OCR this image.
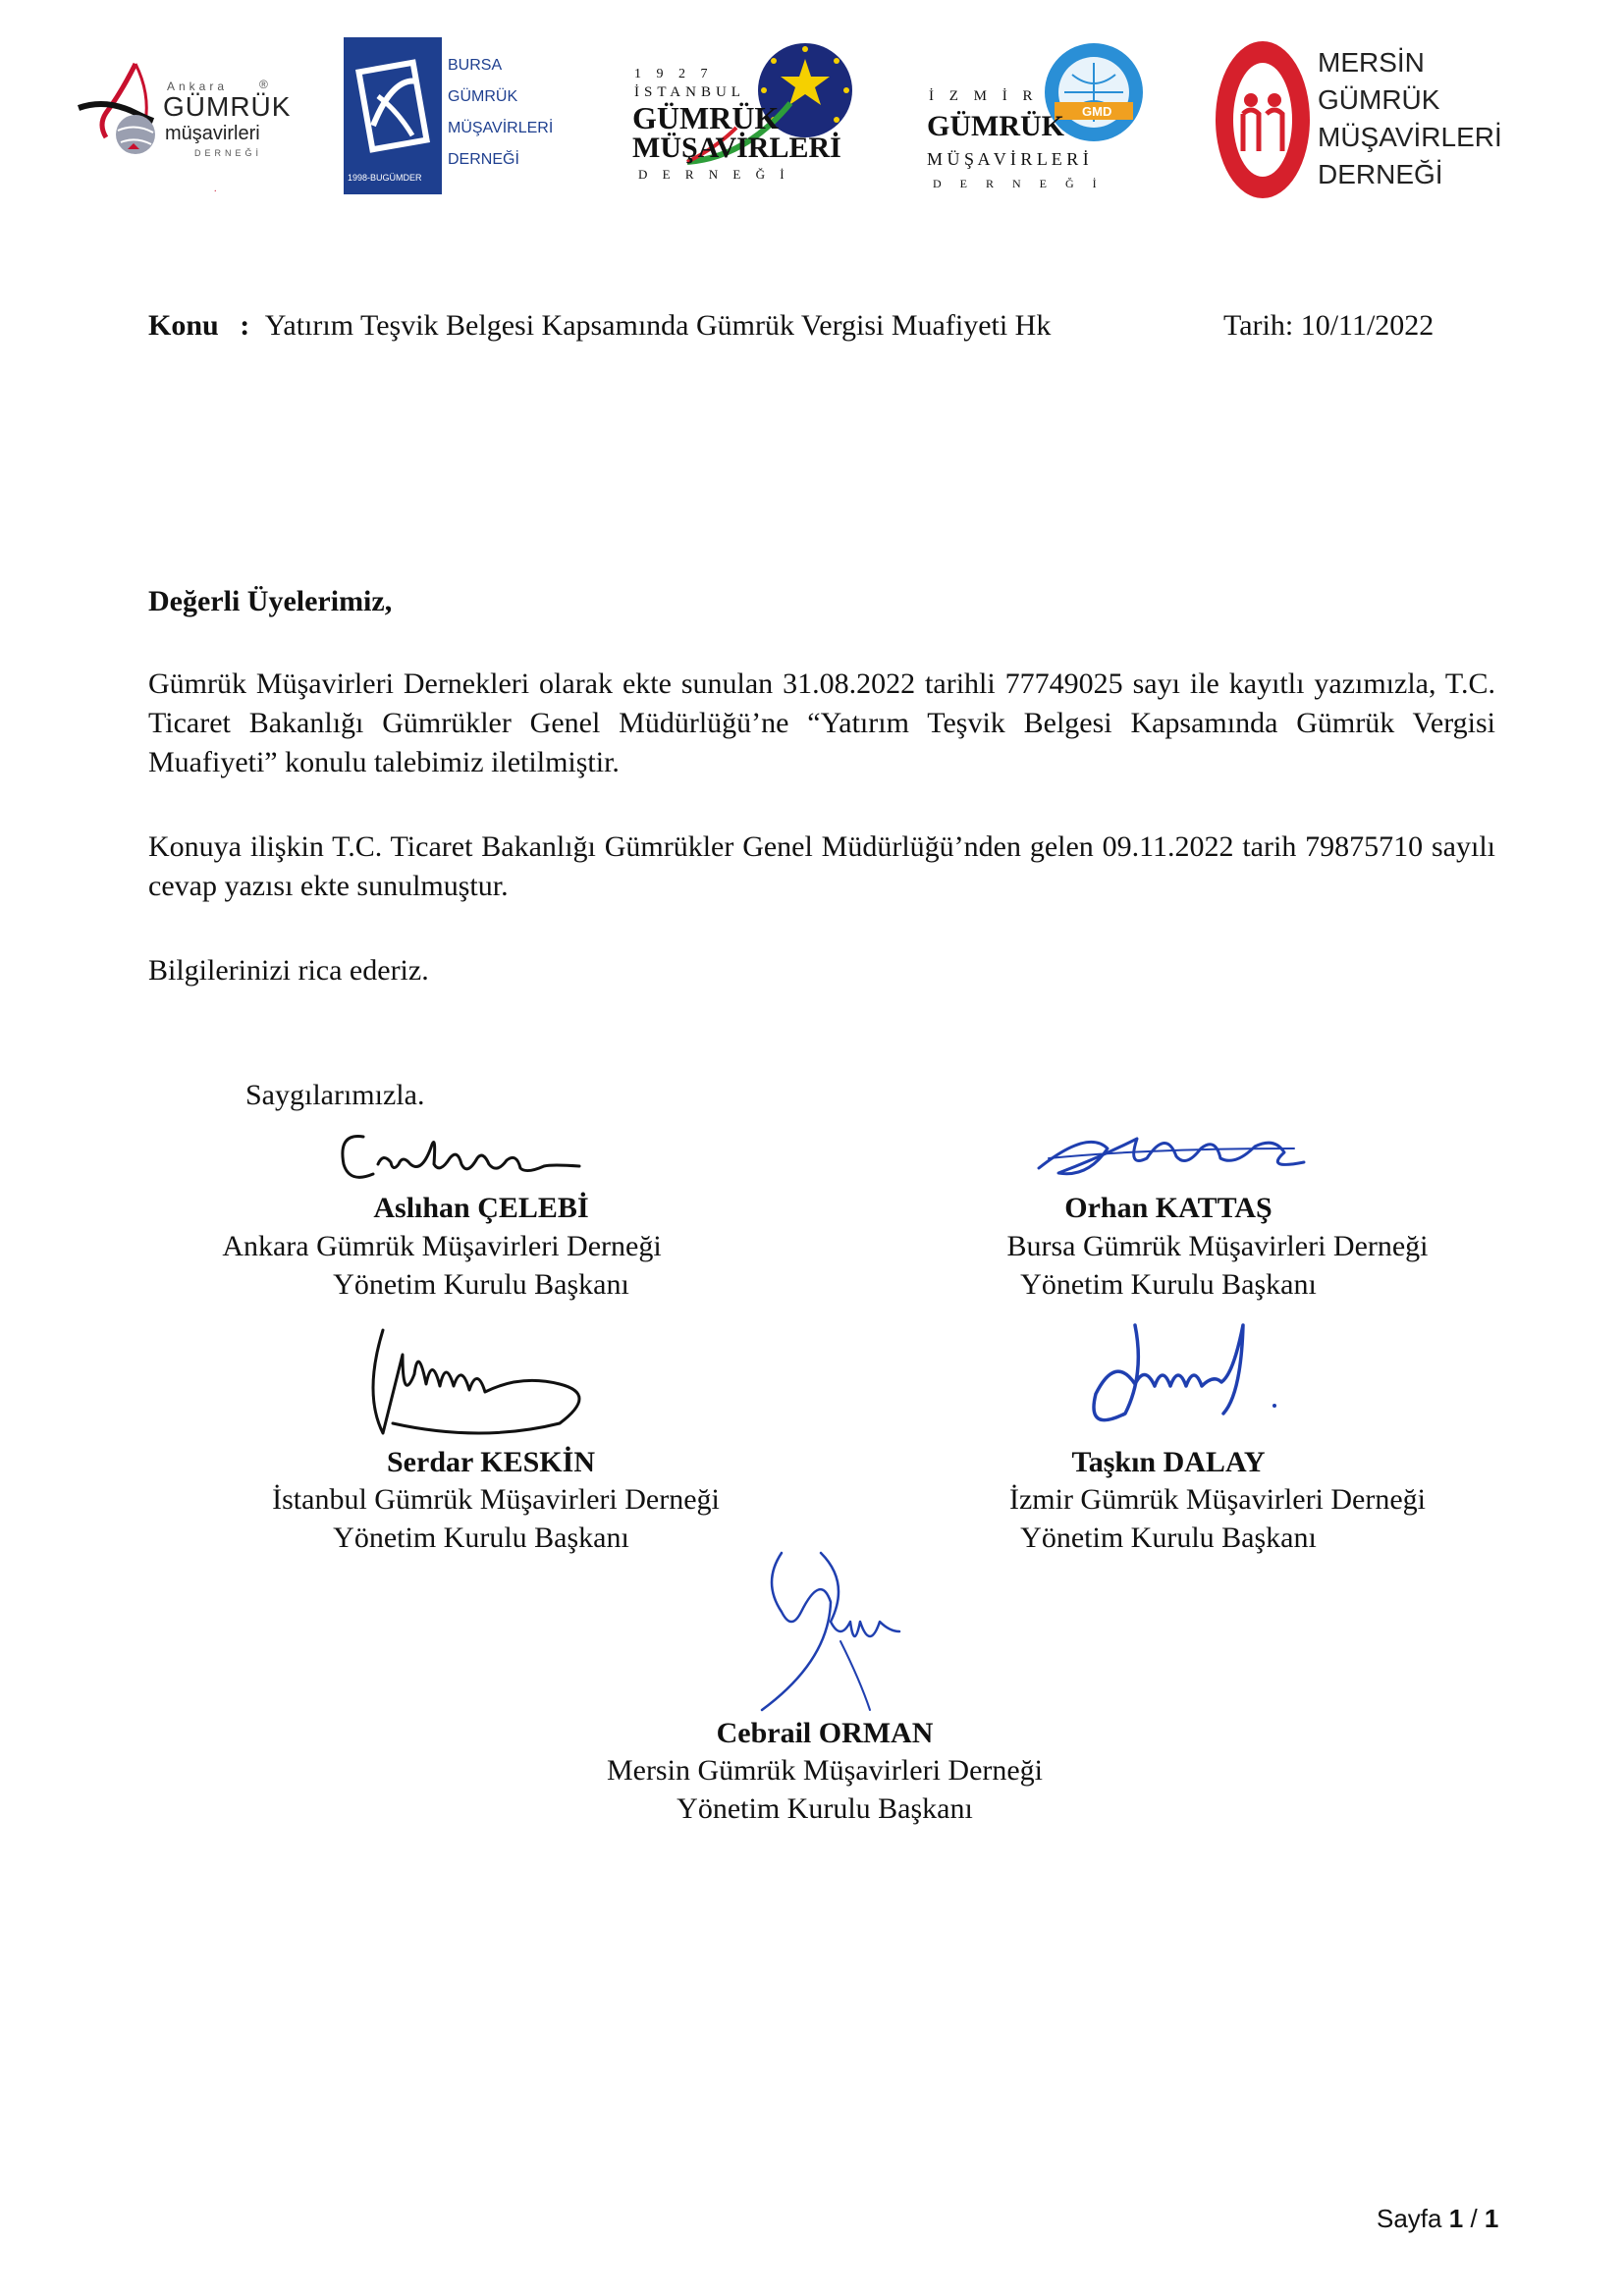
.
Ankara	®
GÜMRÜK
müşavirleri
DERNEĞİ
1998-BUGÜMDER
BURSA
GÜMRÜK
MÜŞAVİRLERİ
DERNEĞİ
1 9 2 7
İSTANBUL
GÜMRÜK
MÜŞAVİRLERİ
D E R N E Ğ İ
GMD
İ Z M İ R
GÜMRÜK
M Ü Ş A V İ R L E R İ
D E R N E Ğ İ
MERSİN
GÜMRÜK
MÜŞAVİRLERİ
DERNEĞİ
Konu : Yatırım Teşvik Belgesi Kapsamında Gümrük Vergisi Muafiyeti Hk	Tarih: 10/11/2022
Değerli Üyelerimiz,
Gümrük Müşavirleri Dernekleri olarak ekte sunulan 31.08.2022 tarihli 77749025 sayı ile kayıtlı yazımızla, T.C. Ticaret Bakanlığı Gümrükler Genel Müdürlüğü’ne “Yatırım Teşvik Belgesi Kapsamında Gümrük Vergisi Muafiyeti” konulu talebimiz iletilmiştir.
Konuya ilişkin T.C. Ticaret Bakanlığı Gümrükler Genel Müdürlüğü’nden gelen 09.11.2022 tarih 79875710 sayılı cevap yazısı ekte sunulmuştur.
Bilgilerinizi rica ederiz.
Saygılarımızla.
Aslıhan ÇELEBİ
Ankara Gümrük Müşavirleri Derneği
Yönetim Kurulu Başkanı
Orhan KATTAŞ
Bursa Gümrük Müşavirleri Derneği
Yönetim Kurulu Başkanı
Serdar KESKİN
İstanbul Gümrük Müşavirleri Derneği
Yönetim Kurulu Başkanı
Taşkın DALAY
İzmir Gümrük Müşavirleri Derneği
Yönetim Kurulu Başkanı
Cebrail ORMAN
Mersin Gümrük Müşavirleri Derneği
Yönetim Kurulu Başkanı
Sayfa 1 / 1
